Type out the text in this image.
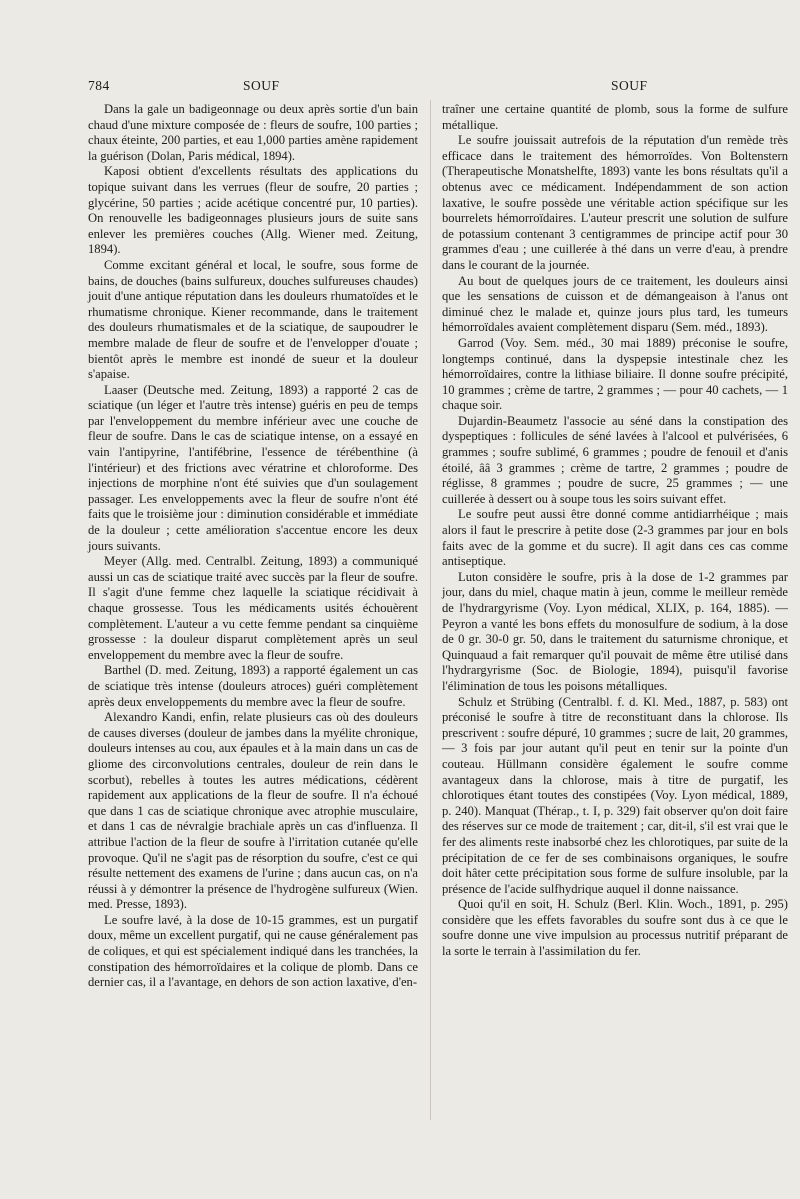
784	SOUF	SOUF

Dans la gale un badigeonnage ou deux après sortie d'un bain chaud d'une mixture composée de : fleurs de soufre, 100 parties ; chaux éteinte, 200 parties, et eau 1,000 parties amène rapidement la guérison (Dolan, Paris médical, 1894).

Kaposi obtient d'excellents résultats des applications du topique suivant dans les verrues (fleur de soufre, 20 parties ; glycérine, 50 parties ; acide acétique concentré pur, 10 parties). On renouvelle les badigeonnages plusieurs jours de suite sans enlever les premières couches (Allg. Wiener med. Zeitung, 1894).

Comme excitant général et local, le soufre, sous forme de bains, de douches (bains sulfureux, douches sulfureuses chaudes) jouit d'une antique réputation dans les douleurs rhumatoïdes et le rhumatisme chronique. Kiener recommande, dans le traitement des douleurs rhumatismales et de la sciatique, de saupoudrer le membre malade de fleur de soufre et de l'envelopper d'ouate ; bientôt après le membre est inondé de sueur et la douleur s'apaise.

Laaser (Deutsche med. Zeitung, 1893) a rapporté 2 cas de sciatique (un léger et l'autre très intense) guéris en peu de temps par l'enveloppement du membre inférieur avec une couche de fleur de soufre. Dans le cas de sciatique intense, on a essayé en vain l'antipyrine, l'antifébrine, l'essence de térébenthine (à l'intérieur) et des frictions avec vératrine et chloroforme. Des injections de morphine n'ont été suivies que d'un soulagement passager. Les enveloppements avec la fleur de soufre n'ont été faits que le troisième jour : diminution considérable et immédiate de la douleur ; cette amélioration s'accentue encore les deux jours suivants.

Meyer (Allg. med. Centralbl. Zeitung, 1893) a communiqué aussi un cas de sciatique traité avec succès par la fleur de soufre. Il s'agit d'une femme chez laquelle la sciatique récidivait à chaque grossesse. Tous les médicaments usités échouèrent complètement. L'auteur a vu cette femme pendant sa cinquième grossesse : la douleur disparut complètement après un seul enveloppement du membre avec la fleur de soufre.

Barthel (D. med. Zeitung, 1893) a rapporté également un cas de sciatique très intense (douleurs atroces) guéri complètement après deux enveloppements du membre avec la fleur de soufre.

Alexandro Kandi, enfin, relate plusieurs cas où des douleurs de causes diverses (douleur de jambes dans la myélite chronique, douleurs intenses au cou, aux épaules et à la main dans un cas de gliome des circonvolutions centrales, douleur de rein dans le scorbut), rebelles à toutes les autres médications, cédèrent rapidement aux applications de la fleur de soufre. Il n'a échoué que dans 1 cas de sciatique chronique avec atrophie musculaire, et dans 1 cas de névralgie brachiale après un cas d'influenza. Il attribue l'action de la fleur de soufre à l'irritation cutanée qu'elle provoque. Qu'il ne s'agit pas de résorption du soufre, c'est ce qui résulte nettement des examens de l'urine ; dans aucun cas, on n'a réussi à y démontrer la présence de l'hydrogène sulfureux (Wien. med. Presse, 1893).

Le soufre lavé, à la dose de 10-15 grammes, est un purgatif doux, même un excellent purgatif, qui ne cause généralement pas de coliques, et qui est spécialement indiqué dans les tranchées, la constipation des hémorroïdaires et la colique de plomb. Dans ce dernier cas, il a l'avantage, en dehors de son action laxative, d'en-

traîner une certaine quantité de plomb, sous la forme de sulfure métallique.

Le soufre jouissait autrefois de la réputation d'un remède très efficace dans le traitement des hémorroïdes. Von Boltenstern (Therapeutische Monatshelfte, 1893) vante les bons résultats qu'il a obtenus avec ce médicament. Indépendamment de son action laxative, le soufre possède une véritable action spécifique sur les bourrelets hémorroïdaires. L'auteur prescrit une solution de sulfure de potassium contenant 3 centigrammes de principe actif pour 30 grammes d'eau ; une cuillerée à thé dans un verre d'eau, à prendre dans le courant de la journée.

Au bout de quelques jours de ce traitement, les douleurs ainsi que les sensations de cuisson et de démangeaison à l'anus ont diminué chez le malade et, quinze jours plus tard, les tumeurs hémorroïdales avaient complètement disparu (Sem. méd., 1893).

Garrod (Voy. Sem. méd., 30 mai 1889) préconise le soufre, longtemps continué, dans la dyspepsie intestinale chez les hémorroïdaires, contre la lithiase biliaire. Il donne soufre précipité, 10 grammes ; crème de tartre, 2 grammes ; — pour 40 cachets, — 1 chaque soir.

Dujardin-Beaumetz l'associe au séné dans la constipation des dyspeptiques : follicules de séné lavées à l'alcool et pulvérisées, 6 grammes ; soufre sublimé, 6 grammes ; poudre de fenouil et d'anis étoilé, ââ 3 grammes ; crème de tartre, 2 grammes ; poudre de réglisse, 8 grammes ; poudre de sucre, 25 grammes ; — une cuillerée à dessert ou à soupe tous les soirs suivant effet.

Le soufre peut aussi être donné comme antidiarrhéique ; mais alors il faut le prescrire à petite dose (2-3 grammes par jour en bols faits avec de la gomme et du sucre). Il agit dans ces cas comme antiseptique.

Luton considère le soufre, pris à la dose de 1-2 grammes par jour, dans du miel, chaque matin à jeun, comme le meilleur remède de l'hydrargyrisme (Voy. Lyon médical, XLIX, p. 164, 1885). — Peyron a vanté les bons effets du monosulfure de sodium, à la dose de 0 gr. 30-0 gr. 50, dans le traitement du saturnisme chronique, et Quinquaud a fait remarquer qu'il pouvait de même être utilisé dans l'hydrargyrisme (Soc. de Biologie, 1894), puisqu'il favorise l'élimination de tous les poisons métalliques.

Schulz et Strübing (Centralbl. f. d. Kl. Med., 1887, p. 583) ont préconisé le soufre à titre de reconstituant dans la chlorose. Ils prescrivent : soufre dépuré, 10 grammes ; sucre de lait, 20 grammes, — 3 fois par jour autant qu'il peut en tenir sur la pointe d'un couteau. Hüllmann considère également le soufre comme avantageux dans la chlorose, mais à titre de purgatif, les chlorotiques étant toutes des constipées (Voy. Lyon médical, 1889, p. 240). Manquat (Thérap., t. I, p. 329) fait observer qu'on doit faire des réserves sur ce mode de traitement ; car, dit-il, s'il est vrai que le fer des aliments reste inabsorbé chez les chlorotiques, par suite de la précipitation de ce fer de ses combinaisons organiques, le soufre doit hâter cette précipitation sous forme de sulfure insoluble, par la présence de l'acide sulfhydrique auquel il donne naissance.

Quoi qu'il en soit, H. Schulz (Berl. Klin. Woch., 1891, p. 295) considère que les effets favorables du soufre sont dus à ce que le soufre donne une vive impulsion au processus nutritif préparant de la sorte le terrain à l'assimilation du fer.
